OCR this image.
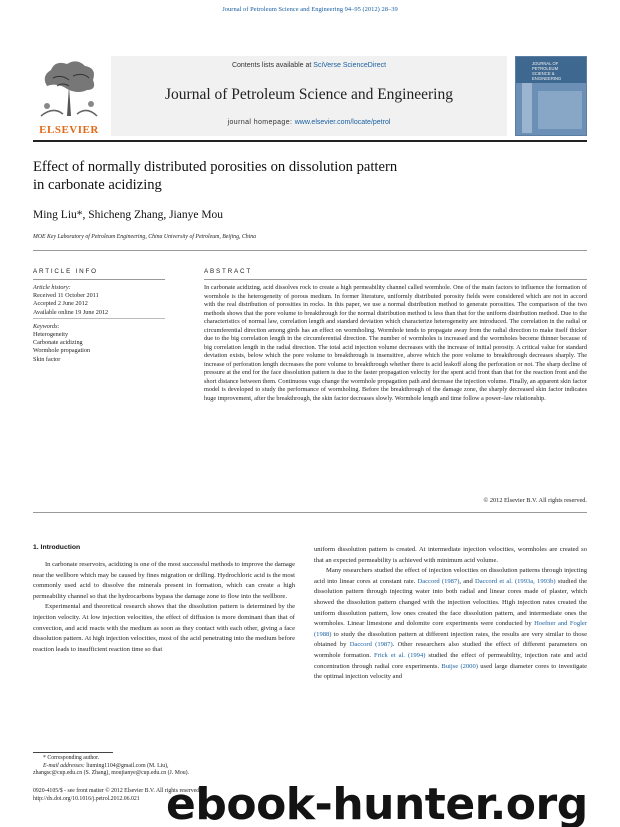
Journal of Petroleum Science and Engineering 94–95 (2012) 28–39
ELSEVIER
Contents lists available at SciVerse ScienceDirect
Journal of Petroleum Science and Engineering
journal homepage: www.elsevier.com/locate/petrol
JOURNAL OF
PETROLEUM
SCIENCE &
ENGINEERING
Effect of normally distributed porosities on dissolution pattern
in carbonate acidizing
Ming Liu*, Shicheng Zhang, Jianye Mou
MOE Key Laboratory of Petroleum Engineering, China University of Petroleum, Beijing, China
ARTICLE INFO	ABSTRACT
Article history:
Received 11 October 2011
Accepted 2 June 2012
Available online 19 June 2012
Keywords:
Heterogeneity
Carbonate acidizing
Wormhole propagation
Skin factor
In carbonate acidizing, acid dissolves rock to create a high permeability channel called wormhole. One of the main factors to influence the formation of wormhole is the heterogeneity of porous medium. In former literature, uniformly distributed porosity fields were considered which are not in accord with the real distribution of porosities in rocks. In this paper, we use a normal distribution method to generate porosities. The comparison of the two methods shows that the pore volume to breakthrough for the normal distribution method is less than that for the uniform distribution method. Due to the characteristics of normal law, correlation length and standard deviation which characterize heterogeneity are introduced. The correlation in the radial or circumferential direction among girds has an effect on wormholing. Wormhole tends to propagate away from the radial direction to make itself thicker due to the big correlation length in the circumferential direction. The number of wormholes is increased and the wormholes become thinner because of big correlation length in the radial direction. The total acid injection volume decreases with the increase of initial porosity. A critical value for standard deviation exists, below which the pore volume to breakthrough is insensitive, above which the pore volume to breakthrough decreases sharply. The increase of perforation length decreases the pore volume to breakthrough whether there is acid leakoff along the perforation or not. The sharp decline of pressure at the end for the face dissolution pattern is due to the faster propagation velocity for the spent acid front than that for the reaction front and the short distance between them. Continuous vugs change the wormhole propagation path and decrease the injection volume. Finally, an apparent skin factor model is developed to study the performance of wormholing. Before the breakthrough of the damage zone, the sharply decreased skin factor indicates huge improvement, after the breakthrough, the skin factor decreases slowly. Wormhole length and time follow a power–law relationship.
© 2012 Elsevier B.V. All rights reserved.
1. Introduction

In carbonate reservoirs, acidizing is one of the most successful methods to improve the damage near the wellbore which may be caused by fines migration or drilling. Hydrochloric acid is the most commonly used acid to dissolve the minerals present in formation, which can create a high permeability channel so that the hydrocarbons bypass the damage zone to flow into the wellbore.

Experimental and theoretical research shows that the dissolution pattern is determined by the injection velocity. At low injection velocities, the effect of diffusion is more dominant than that of convection, and acid reacts with the medium as soon as they contact with each other, giving a face dissolution pattern. At high injection velocities, most of the acid penetrating into the medium before reaction leads to insufficient reaction time so that

uniform dissolution pattern is created. At intermediate injection velocities, wormholes are created so that an expected permeability is achieved with minimum acid volume.

Many researchers studied the effect of injection velocities on dissolution patterns through injecting acid into linear cores at constant rate. Daccord (1987), and Daccord et al. (1993a, 1993b) studied the dissolution pattern through injecting water into both radial and linear cores made of plaster, which showed the dissolution pattern changed with the injection velocities. High injection rates created the uniform dissolution pattern, low ones created the face dissolution pattern, and intermediate ones the wormholes. Linear limestone and dolomite core experiments were conducted by Hoefner and Fogler (1988) to study the dissolution pattern at different injection rates, the results are very similar to those obtained by Daccord (1987). Other researchers also studied the effect of different parameters on wormhole formation. Frick et al. (1994) studied the effect of permeability, injection rate and acid concentration through radial core experiments. Buijse (2000) used large diameter cores to investigate the optimal injection velocity and

* Corresponding author.
E-mail addresses: liuming1104@gmail.com (M. Liu),
zhangsc@cup.edu.cn (S. Zhang), moujianye@cup.edu.cn (J. Mou).
0920-4105/$ - see front matter © 2012 Elsevier B.V. All rights reserved.
http://dx.doi.org/10.1016/j.petrol.2012.06.021 ebook-hunter.org
